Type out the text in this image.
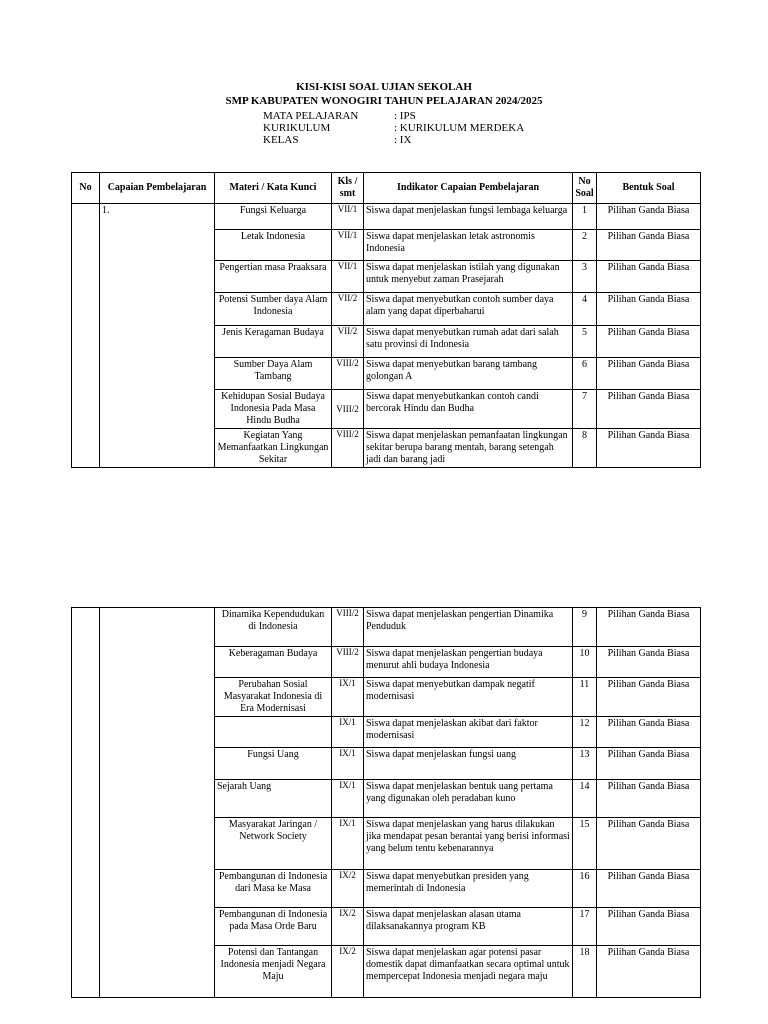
KISI-KISI SOAL UJIAN SEKOLAH
SMP KABUPATEN WONOGIRI TAHUN PELAJARAN 2024/2025
MATA PELAJARAN	: IPS
KURIKULUM	: KURIKULUM MERDEKA
KELAS	: IX
No	Capaian Pembelajaran	Materi / Kata Kunci	Kls / smt	Indikator Capaian Pembelajaran	No Soal	Bentuk Soal
	1.	Fungsi Keluarga	VII/1	Siswa dapat menjelaskan fungsi lembaga keluarga	1	Pilihan Ganda Biasa
		Letak Indonesia	VII/1	Siswa dapat menjelaskan letak astronomis Indonesia	2	Pilihan Ganda Biasa
		Pengertian masa Praaksara	VII/1	Siswa dapat menjelaskan istilah yang digunakan untuk menyebut zaman Prasejarah	3	Pilihan Ganda Biasa
		Potensi Sumber daya Alam Indonesia	VII/2	Siswa dapat menyebutkan contoh sumber daya alam yang dapat diperbaharui	4	Pilihan Ganda Biasa
		Jenis Keragaman Budaya	VII/2	Siswa dapat menyebutkan rumah adat dari salah satu provinsi di Indonesia	5	Pilihan Ganda Biasa
		Sumber Daya Alam Tambang	VIII/2	Siswa dapat menyebutkan barang tambang golongan A	6	Pilihan Ganda Biasa
		Kehidupan Sosial Budaya Indonesia Pada Masa Hindu Budha	VIII/2	Siswa dapat menyebutkankan contoh candi bercorak Hindu dan Budha	7	Pilihan Ganda Biasa
		Kegiatan Yang Memanfaatkan Lingkungan Sekitar	VIII/2	Siswa dapat menjelaskan pemanfaatan lingkungan sekitar berupa barang mentah, barang setengah jadi dan barang jadi	8	Pilihan Ganda Biasa
		Dinamika Kependudukan di Indonesia	VIII/2	Siswa dapat menjelaskan pengertian Dinamika Penduduk	9	Pilihan Ganda Biasa
		Keberagaman Budaya	VIII/2	Siswa dapat menjelaskan pengertian budaya menurut ahli budaya Indonesia	10	Pilihan Ganda Biasa
		Perubahan Sosial Masyarakat Indonesia di Era Modernisasi	IX/1	Siswa dapat menyebutkan dampak negatif modernisasi	11	Pilihan Ganda Biasa
			IX/1	Siswa dapat menjelaskan akibat dari faktor modernisasi	12	Pilihan Ganda Biasa
		Fungsi Uang	IX/1	Siswa dapat menjelaskan fungsi uang	13	Pilihan Ganda Biasa
		Sejarah Uang	IX/1	Siswa dapat menjelaskan bentuk uang pertama yang digunakan oleh peradaban kuno	14	Pilihan Ganda Biasa
		Masyarakat Jaringan / Network Society	IX/1	Siswa dapat menjelaskan yang harus dilakukan jika mendapat pesan berantai yang berisi informasi yang belum tentu kebenarannya	15	Pilihan Ganda Biasa
		Pembangunan di Indonesia dari Masa ke Masa	IX/2	Siswa dapat menyebutkan presiden yang memerintah di Indonesia	16	Pilihan Ganda Biasa
		Pembangunan di Indonesia pada Masa Orde Baru	IX/2	Siswa dapat menjelaskan alasan utama dilaksanakannya program KB	17	Pilihan Ganda Biasa
		Potensi dan Tantangan Indonesia menjadi Negara Maju	IX/2	Siswa dapat menjelaskan agar potensi pasar domestik dapat dimanfaatkan secara optimal untuk mempercepat Indonesia menjadi negara maju	18	Pilihan Ganda Biasa
